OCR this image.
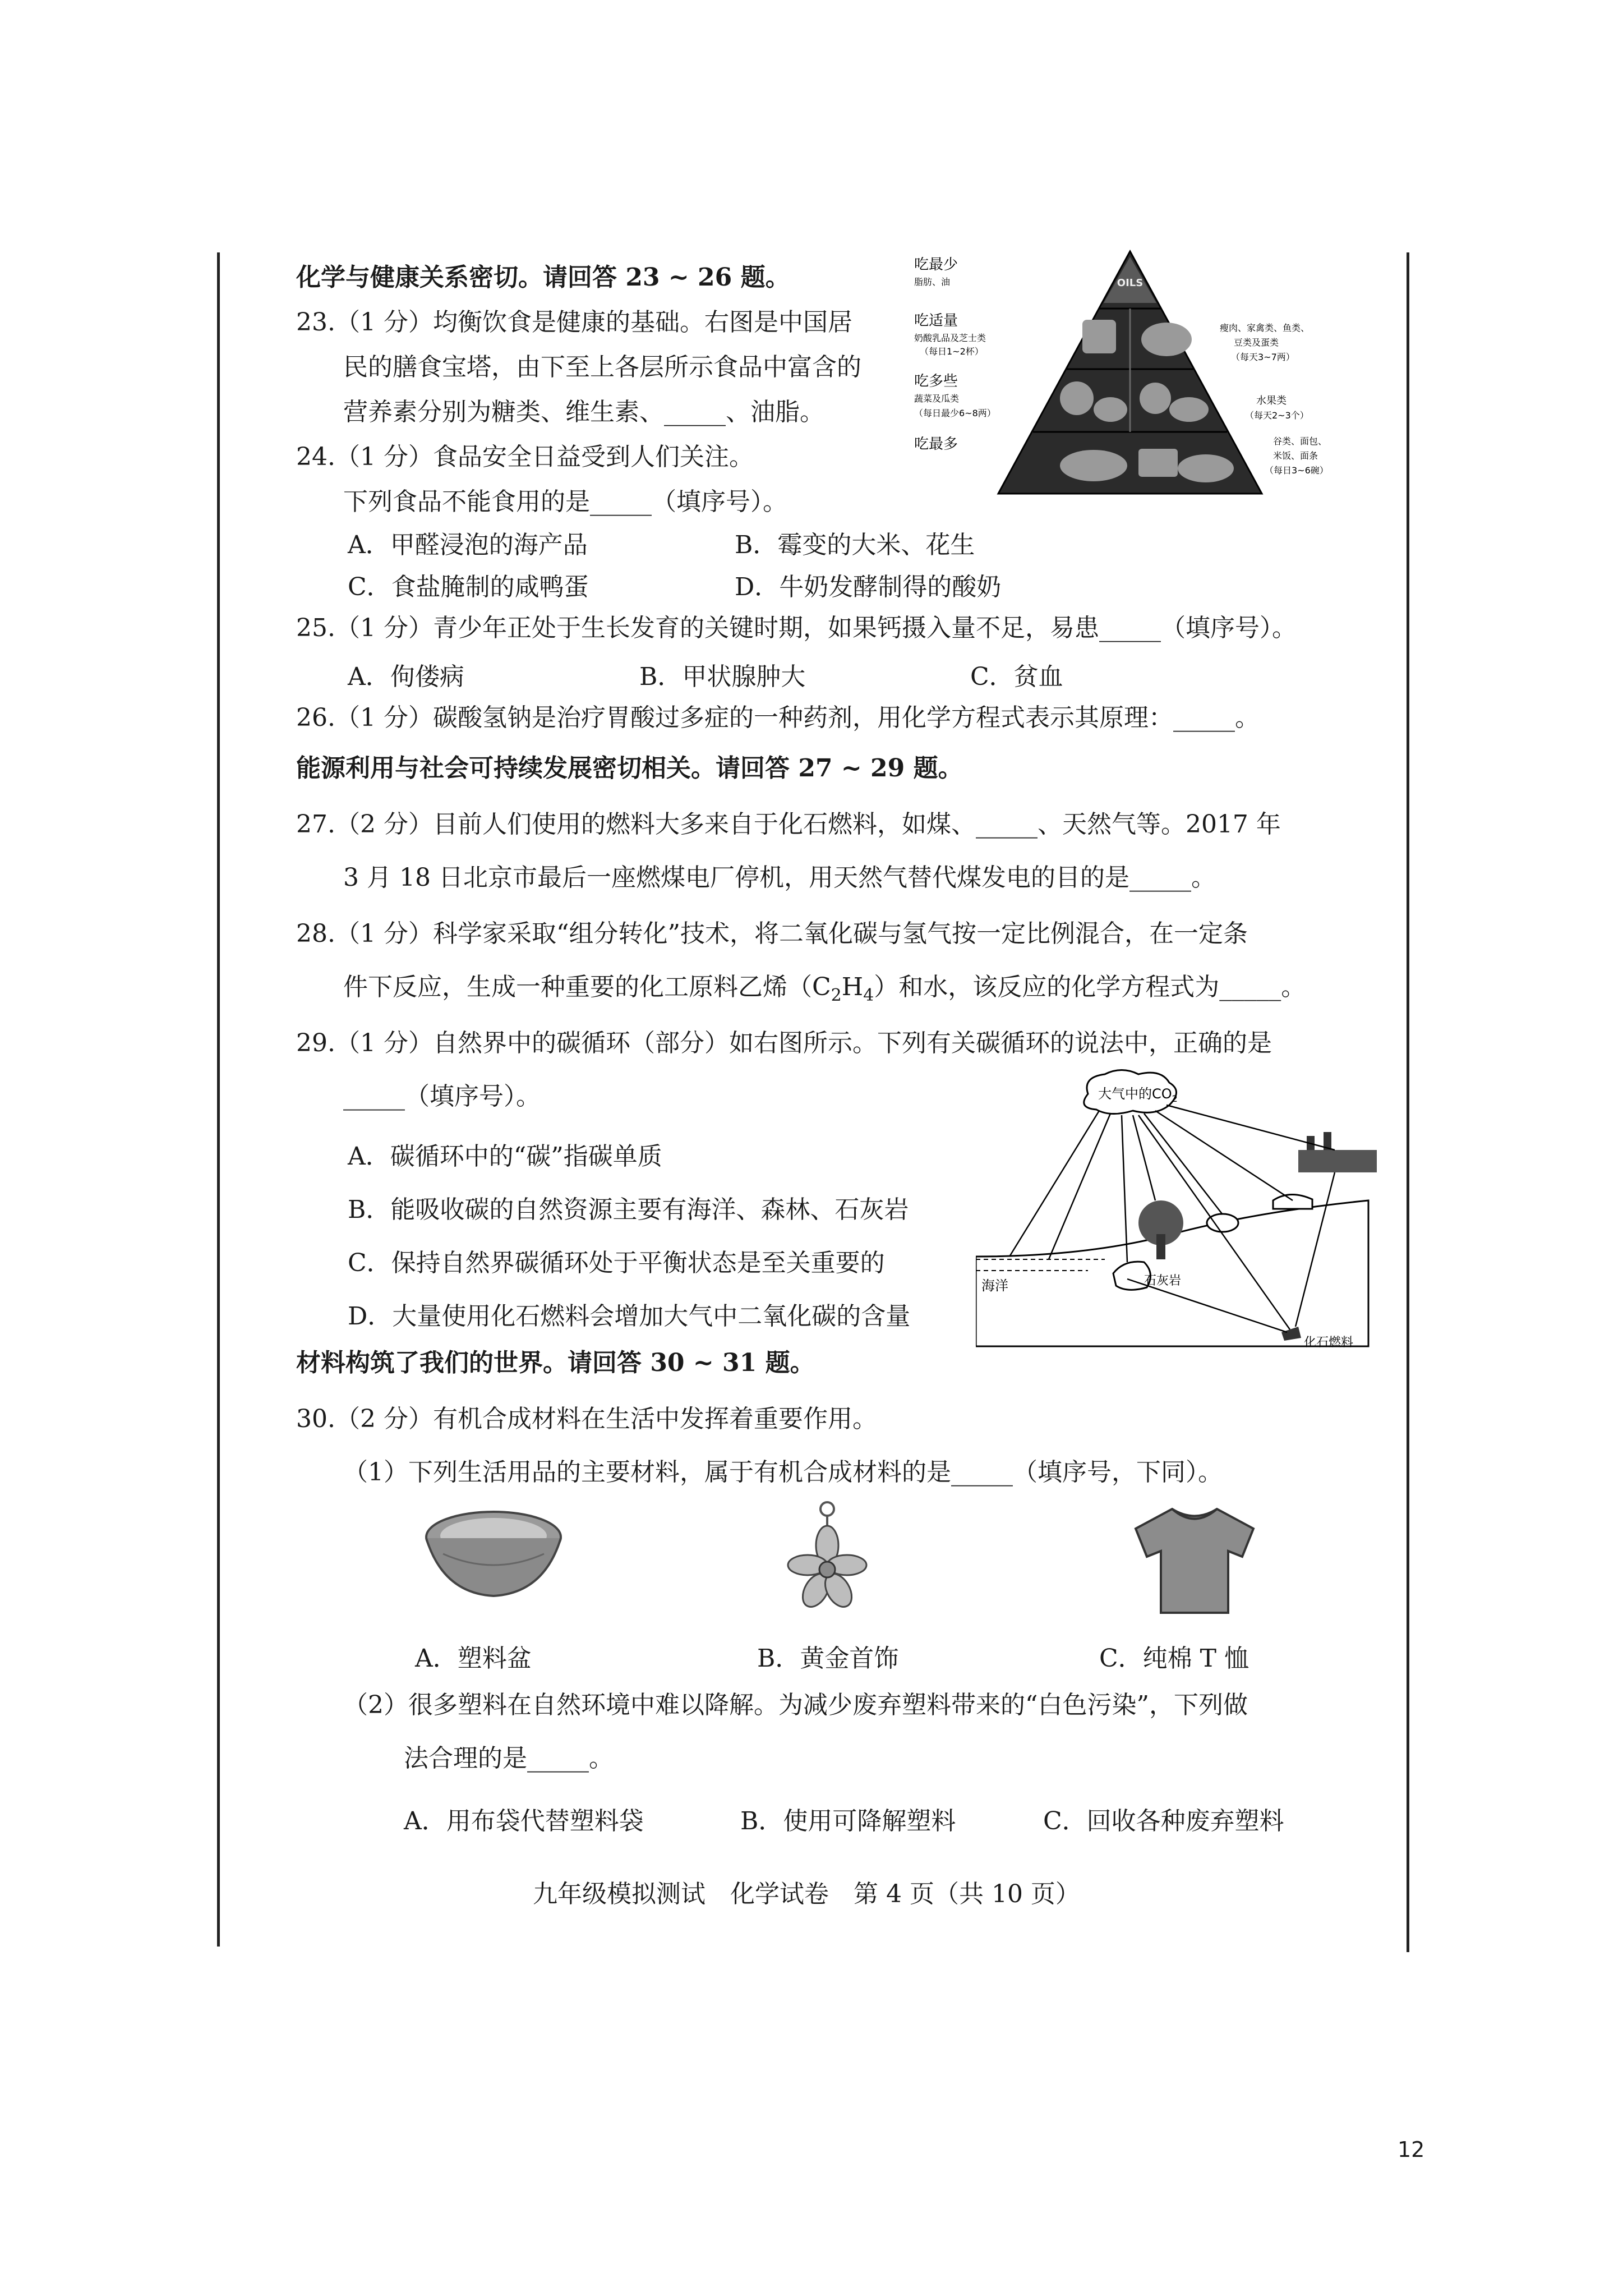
化学与健康关系密切。请回答 23 ~ 26 题。
23.（1 分）均衡饮食是健康的基础。右图是中国居
民的膳食宝塔，由下至上各层所示食品中富含的
营养素分别为糖类、维生素、_____、油脂。
24.（1 分）食品安全日益受到人们关注。
下列食品不能食用的是_____（填序号）。
A．甲醛浸泡的海产品	B．霉变的大米、花生
C．食盐腌制的咸鸭蛋	D．牛奶发酵制得的酸奶
25.（1 分）青少年正处于生长发育的关键时期，如果钙摄入量不足，易患_____（填序号）。
A．佝偻病	B．甲状腺肿大	C．贫血
26.（1 分）碳酸氢钠是治疗胃酸过多症的一种药剂，用化学方程式表示其原理：_____。
能源利用与社会可持续发展密切相关。请回答 27 ~ 29 题。
27.（2 分）目前人们使用的燃料大多来自于化石燃料，如煤、_____、天然气等。2017 年
3 月 18 日北京市最后一座燃煤电厂停机，用天然气替代煤发电的目的是_____。
28.（1 分）科学家采取“组分转化”技术，将二氧化碳与氢气按一定比例混合，在一定条
件下反应，生成一种重要的化工原料乙烯$(C_2H_4)$和水，该反应的化学方程式为_____。
29.（1 分）自然界中的碳循环（部分）如右图所示。下列有关碳循环的说法中，正确的是
_____（填序号）。
A．碳循环中的“碳”指碳单质
B．能吸收碳的自然资源主要有海洋、森林、石灰岩
C．保持自然界碳循环处于平衡状态是至关重要的
D．大量使用化石燃料会增加大气中二氧化碳的含量
材料构筑了我们的世界。请回答 30 ~ 31 题。
30.（2 分）有机合成材料在生活中发挥着重要作用。
（1）下列生活用品的主要材料，属于有机合成材料的是_____（填序号，下同）。
A．塑料盆	B．黄金首饰	C．纯棉 T 恤
（2）很多塑料在自然环境中难以降解。为减少废弃塑料带来的“白色污染”，下列做
法合理的是_____。
A．用布袋代替塑料袋	B．使用可降解塑料	C．回收各种废弃塑料
OILS
吃最少
脂肪、油
吃适量
奶酸乳品及芝士类
（每日1~2杯）
吃多些
蔬菜及瓜类
（每日最少6~8两）
吃最多
瘦肉、家禽类、鱼类、
豆类及蛋类
（每天3~7两）
水果类
（每天2~3个）
谷类、面包、
米饭、面条
（每日3~6碗）
大气中的$CO_2$
海洋	石灰岩
化石燃料
九年级模拟测试　化学试卷　第 4 页（共 10 页）
12
